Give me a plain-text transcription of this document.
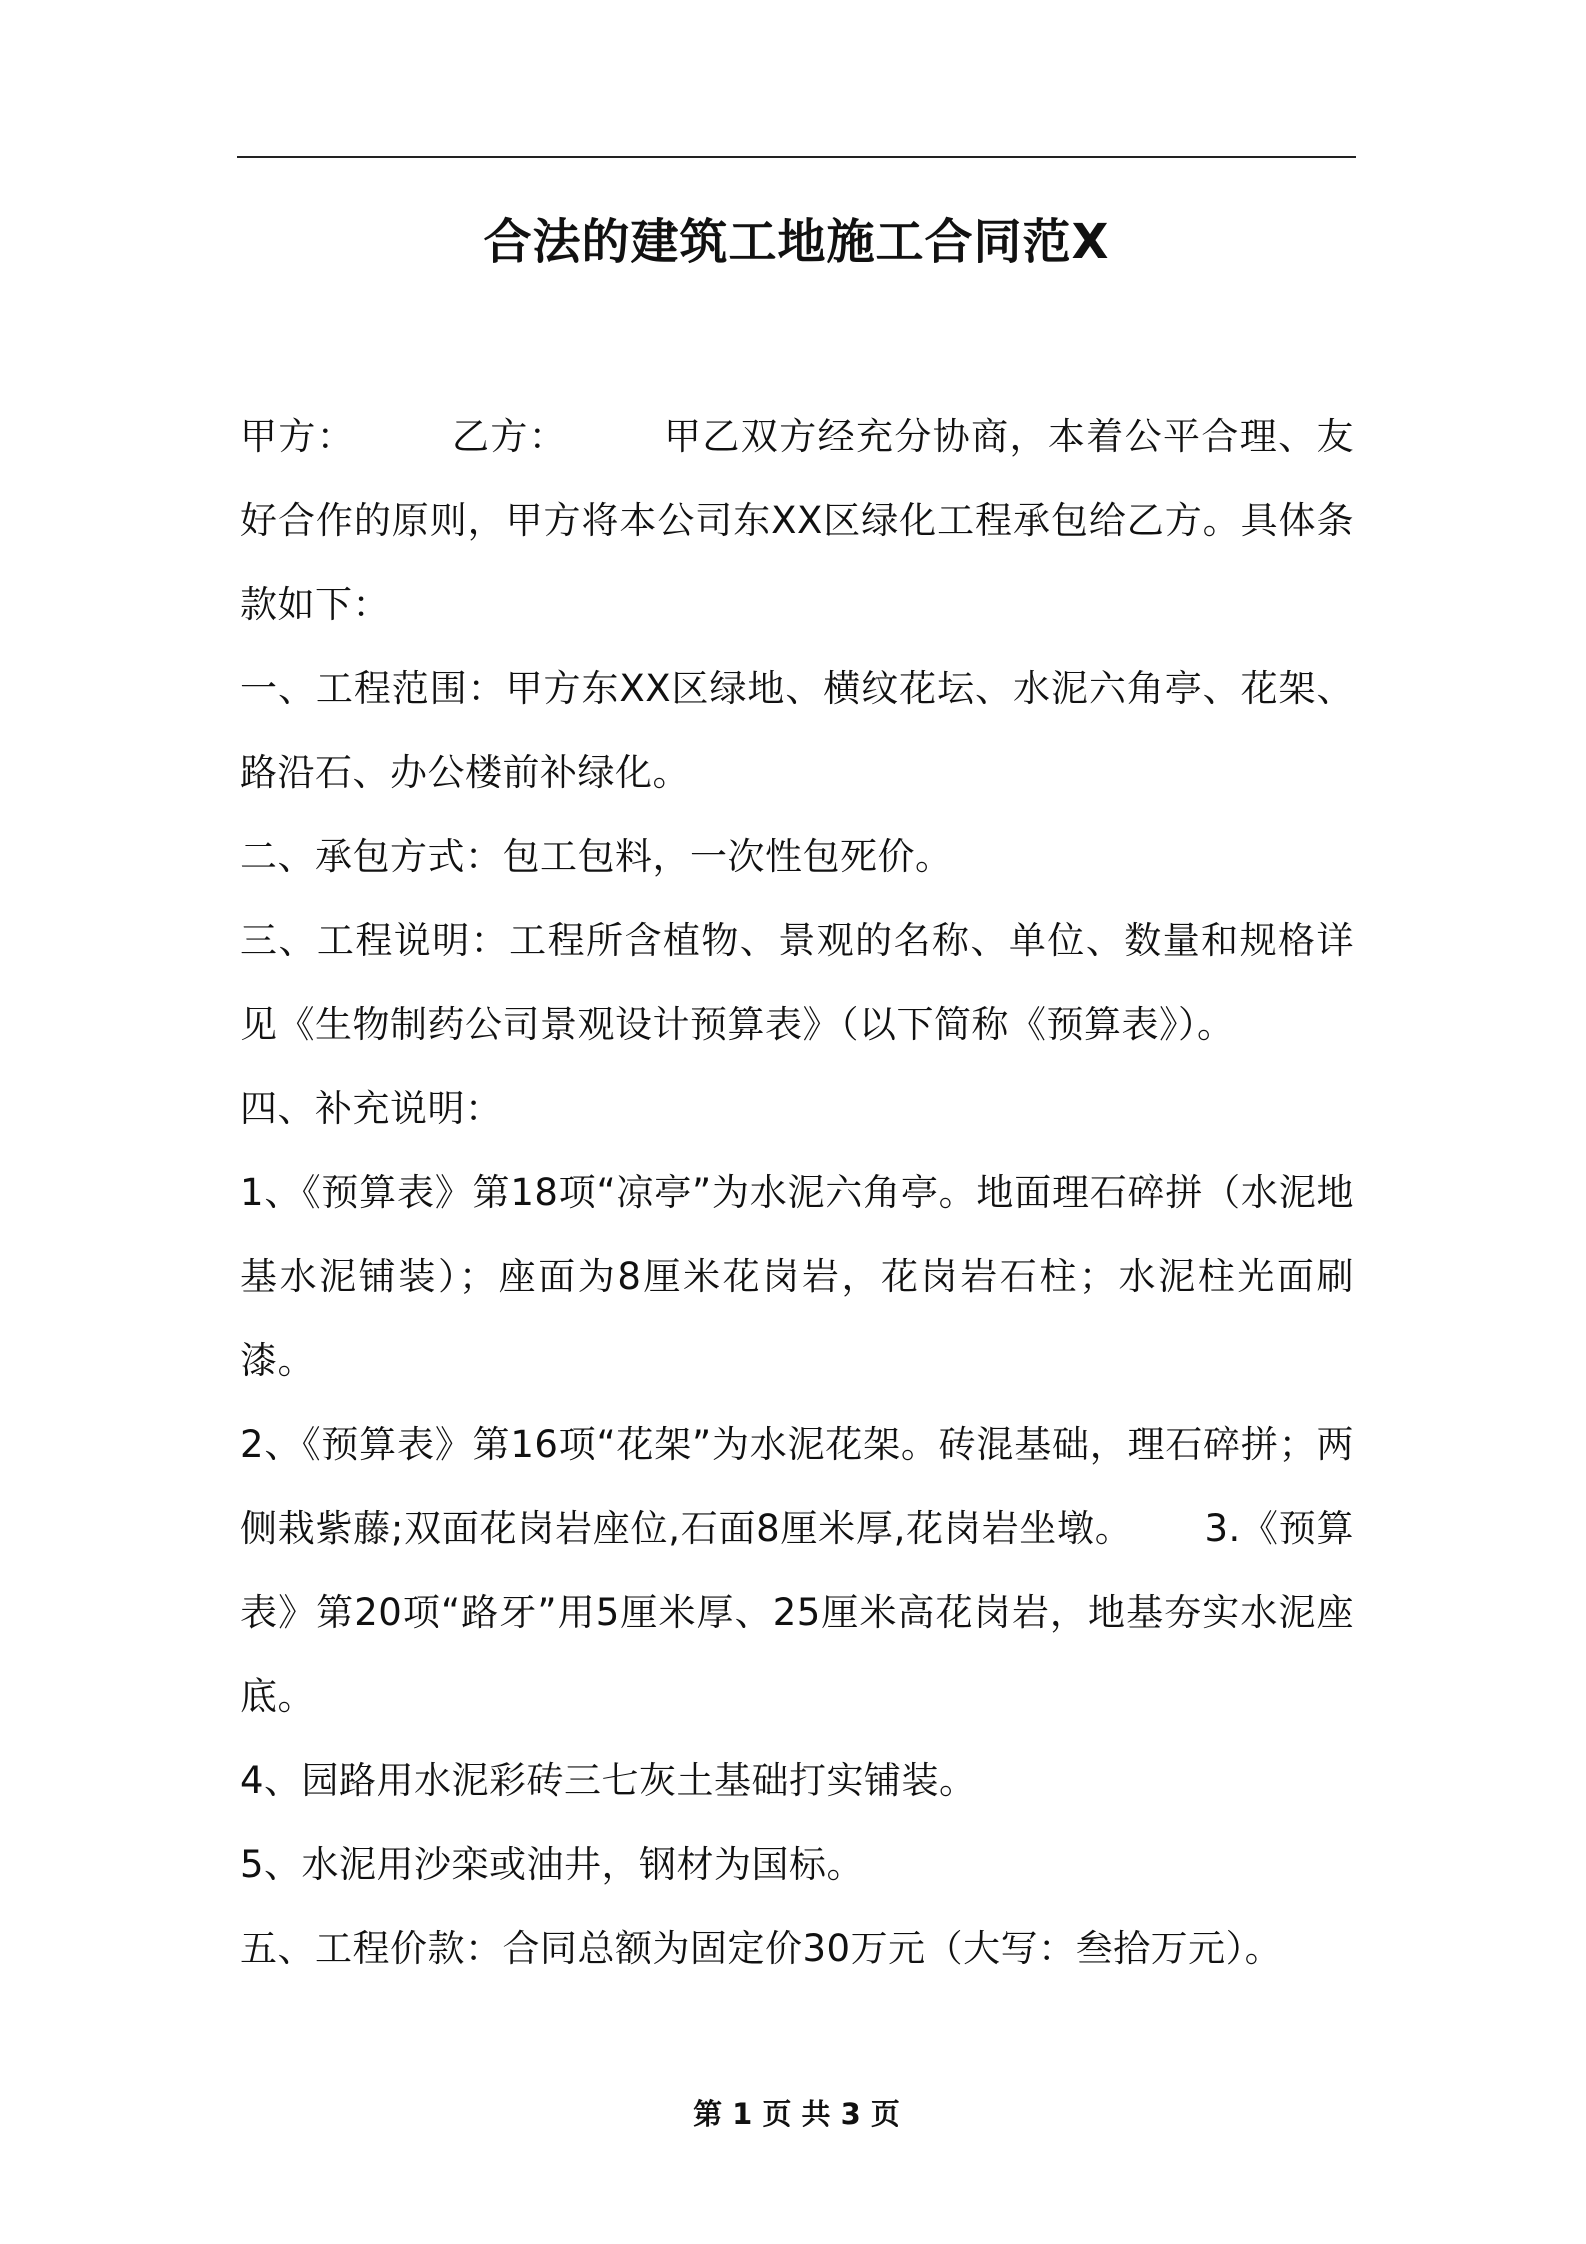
合法的建筑工地施工合同范Ⅹ

甲方：	乙方：	甲乙双方经充分协商，本着公平合理、友好合作的原则，甲方将本公司东XX区绿化工程承包给乙方。具体条款如下：

一、工程范围：甲方东XX区绿地、横纹花坛、水泥六角亭、花架、路沿石、办公楼前补绿化。

二、承包方式：包工包料，一次性包死价。

三、工程说明：工程所含植物、景观的名称、单位、数量和规格详见《生物制药公司景观设计预算表》（以下简称《预算表》）。

四、补充说明：

1、《预算表》第18项“凉亭”为水泥六角亭。地面理石碎拼（水泥地基水泥铺装）；座面为8厘米花岗岩，花岗岩石柱；水泥柱光面刷漆。

2、《预算表》第16项“花架”为水泥花架。砖混基础，理石碎拼；两侧栽紫藤;双面花岗岩座位,石面8厘米厚,花岗岩坐墩。 3.《预算表》第20项“路牙”用5厘米厚、25厘米高花岗岩，地基夯实水泥座底。

4、园路用水泥彩砖三七灰土基础打实铺装。

5、水泥用沙栾或油井，钢材为国标。

五、工程价款：合同总额为固定价30万元（大写：叁拾万元）。

第 1 页 共 3 页
